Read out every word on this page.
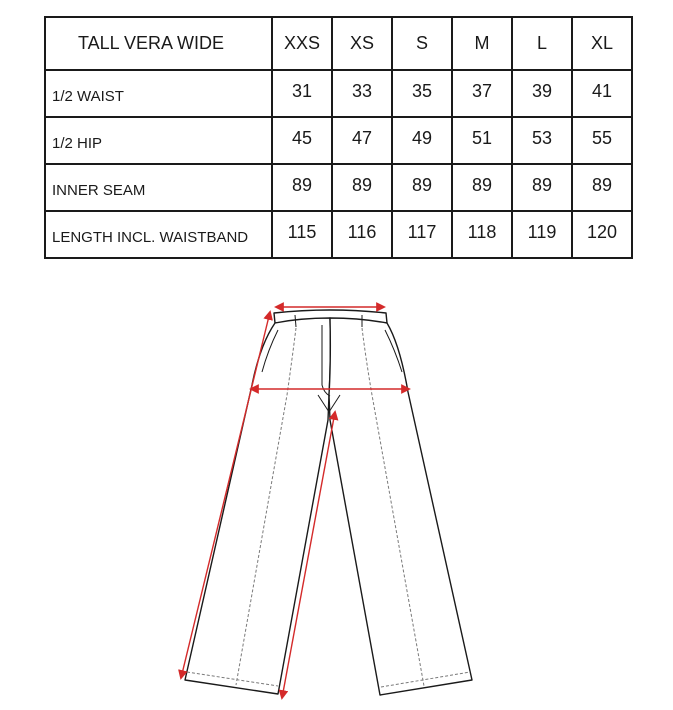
TALL VERA WIDE	XXS	XS	S	M	L	XL
1/2 WAIST	31	33	35	37	39	41
1/2 HIP	45	47	49	51	53	55
INNER SEAM	89	89	89	89	89	89
LENGTH INCL. WAISTBAND	115	116	117	118	119	120
